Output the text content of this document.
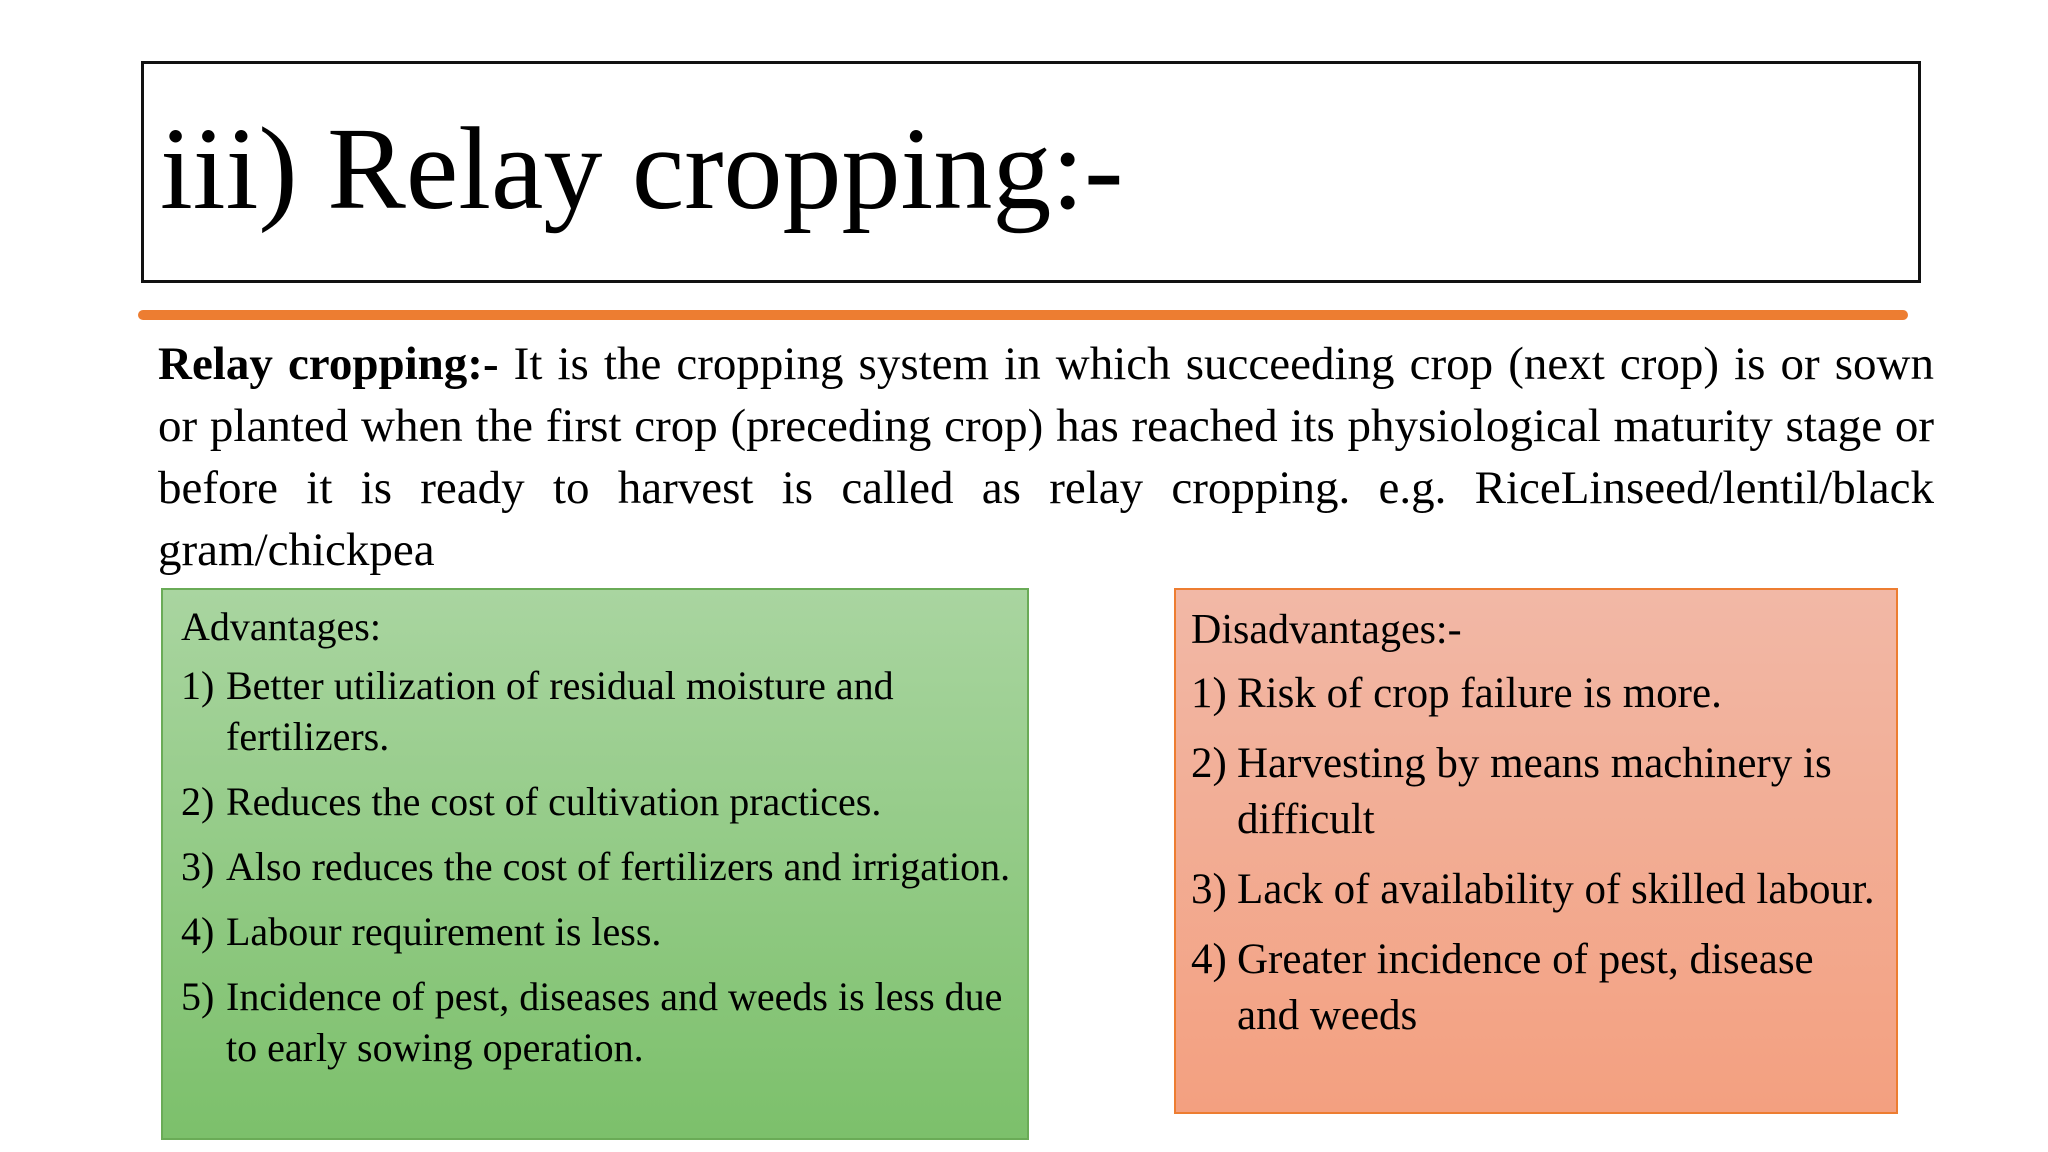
iii) Relay cropping:-
Relay cropping:- It is the cropping system in which succeeding crop (next crop) is or sown or planted when the first crop (preceding crop) has reached its physiological maturity stage or before it is ready to harvest is called as relay cropping. e.g. RiceLinseed/lentil/black gram/chickpea
Advantages:
1) Better utilization of residual moisture and fertilizers.
2) Reduces the cost of cultivation practices.
3) Also reduces the cost of fertilizers and irrigation.
4) Labour requirement is less.
5) Incidence of pest, diseases and weeds is less due to early sowing operation.
Disadvantages:-
1) Risk of crop failure is more.
2) Harvesting by means machinery is difficult
3) Lack of availability of skilled labour.
4) Greater incidence of pest, disease and weeds
